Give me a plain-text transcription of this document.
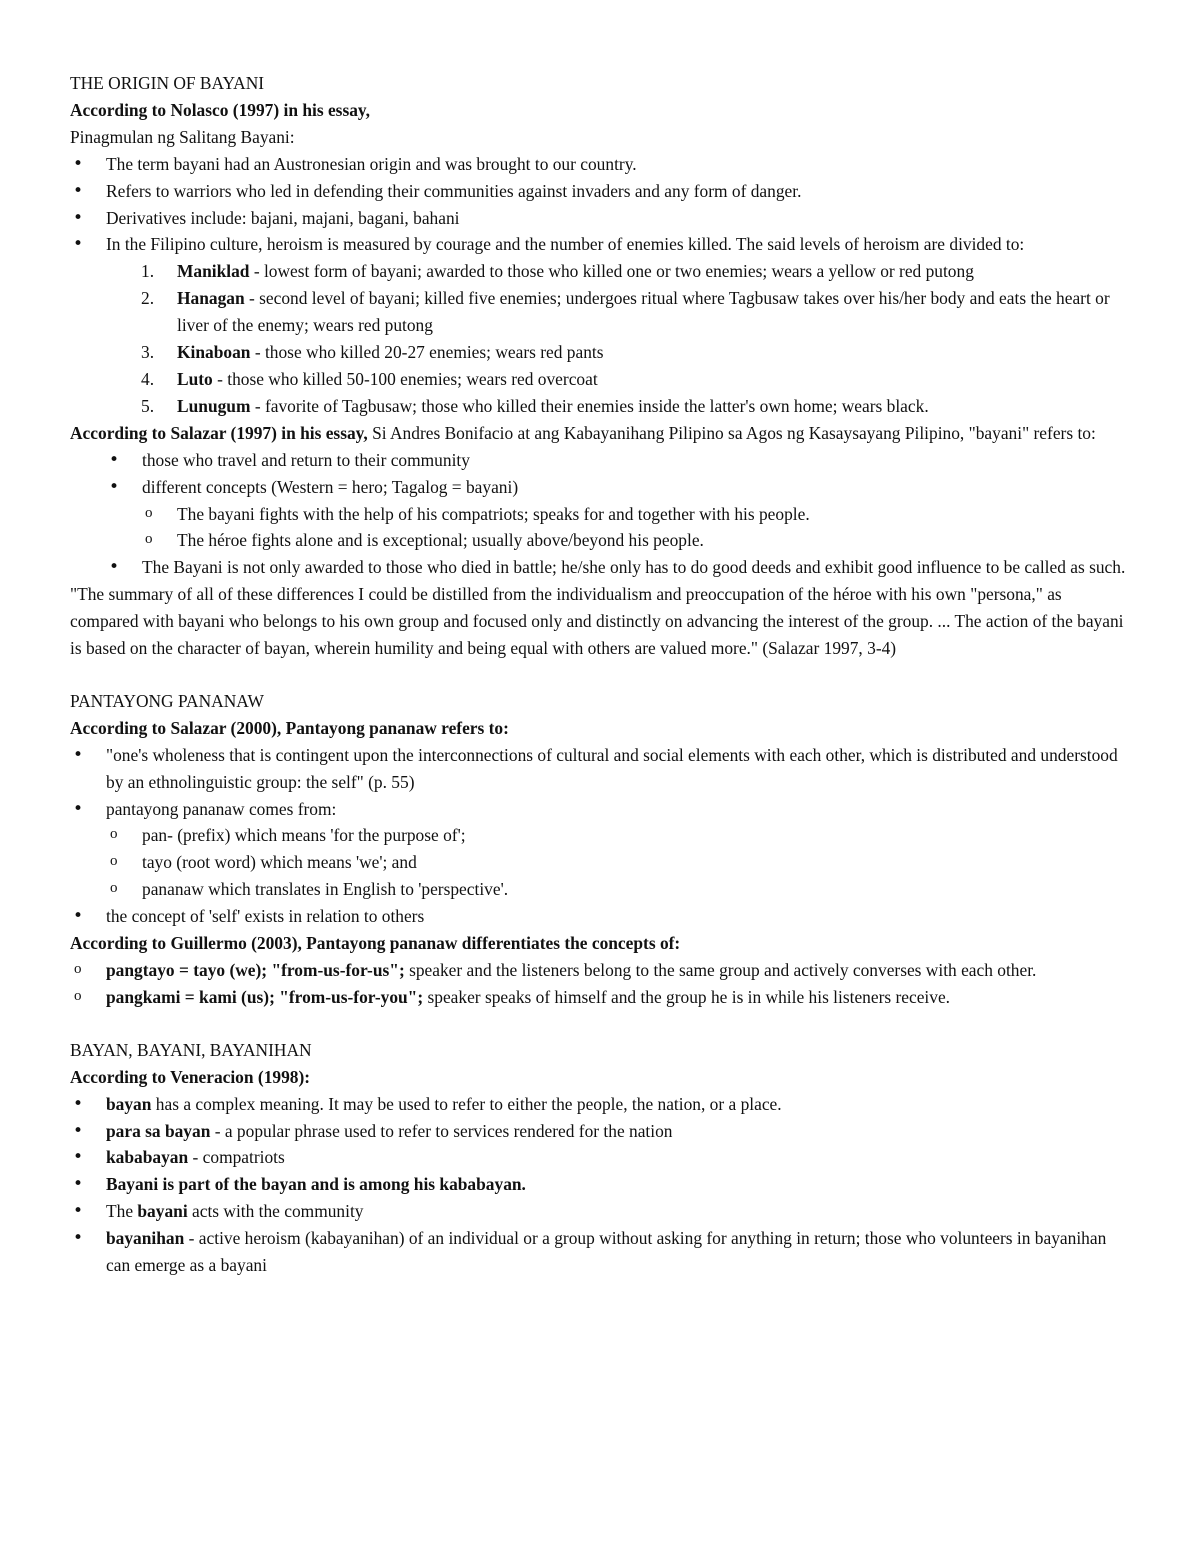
THE ORIGIN OF BAYANI

According to Nolasco (1997) in his essay,

Pinagmulan ng Salitang Bayani:

• The term bayani had an Austronesian origin and was brought to our country.
• Refers to warriors who led in defending their communities against invaders and any form of danger.
• Derivatives include: bajani, majani, bagani, bahani
• In the Filipino culture, heroism is measured by courage and the number of enemies killed. The said levels of heroism are divided to:
1. Maniklad - lowest form of bayani; awarded to those who killed one or two enemies; wears a yellow or red putong
2. Hanagan - second level of bayani; killed five enemies; undergoes ritual where Tagbusaw takes over his/her body and eats the heart or liver of the enemy; wears red putong
3. Kinaboan - those who killed 20-27 enemies; wears red pants
4. Luto - those who killed 50-100 enemies; wears red overcoat
5. Lunugum - favorite of Tagbusaw; those who killed their enemies inside the latter's own home; wears black.

According to Salazar (1997) in his essay, Si Andres Bonifacio at ang Kabayanihang Pilipino sa Agos ng Kasaysayang Pilipino, "bayani" refers to:

• those who travel and return to their community
• different concepts (Western = hero; Tagalog = bayani)
o The bayani fights with the help of his compatriots; speaks for and together with his people.
o The héroe fights alone and is exceptional; usually above/beyond his people.
• The Bayani is not only awarded to those who died in battle; he/she only has to do good deeds and exhibit good influence to be called as such.

"The summary of all of these differences I could be distilled from the individualism and preoccupation of the héroe with his own "persona," as compared with bayani who belongs to his own group and focused only and distinctly on advancing the interest of the group. ... The action of the bayani is based on the character of bayan, wherein humility and being equal with others are valued more." (Salazar 1997, 3-4)

PANTAYONG PANANAW

According to Salazar (2000), Pantayong pananaw refers to:

• "one's wholeness that is contingent upon the interconnections of cultural and social elements with each other, which is distributed and understood by an ethnolinguistic group: the self" (p. 55)
• pantayong pananaw comes from:
o pan- (prefix) which means 'for the purpose of';
o tayo (root word) which means 'we'; and
o pananaw which translates in English to 'perspective'.
• the concept of 'self' exists in relation to others

According to Guillermo (2003), Pantayong pananaw differentiates the concepts of:

o pangtayo = tayo (we); "from-us-for-us"; speaker and the listeners belong to the same group and actively converses with each other.
o pangkami = kami (us); "from-us-for-you"; speaker speaks of himself and the group he is in while his listeners receive.

BAYAN, BAYANI, BAYANIHAN

According to Veneracion (1998):

• bayan has a complex meaning. It may be used to refer to either the people, the nation, or a place.
• para sa bayan - a popular phrase used to refer to services rendered for the nation
• kababayan - compatriots
• Bayani is part of the bayan and is among his kababayan.
• The bayani acts with the community
• bayanihan - active heroism (kabayanihan) of an individual or a group without asking for anything in return; those who volunteers in bayanihan can emerge as a bayani
